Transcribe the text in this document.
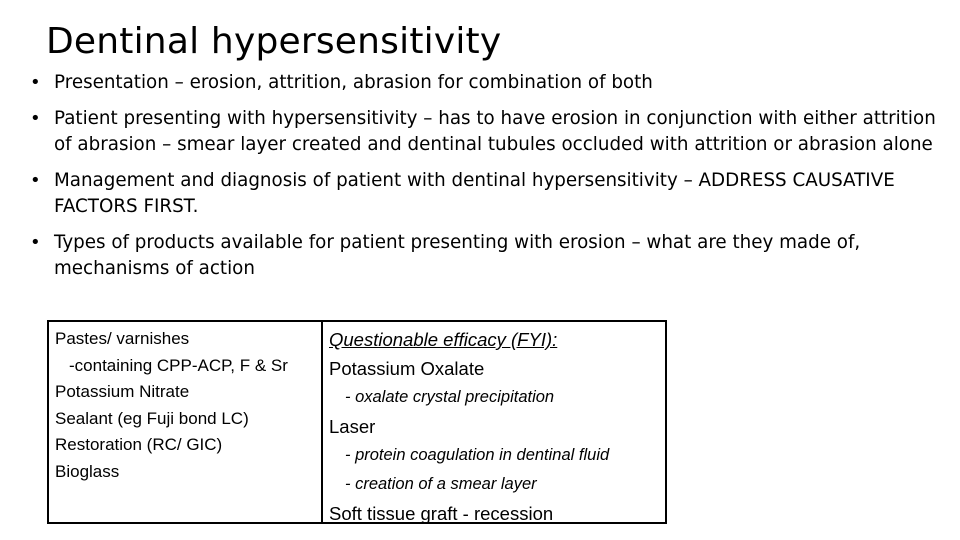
Dentinal hypersensitivity
• Presentation – erosion, attrition, abrasion for combination of both
• Patient presenting with hypersensitivity – has to have erosion in conjunction with either attrition of abrasion – smear layer created and dentinal tubules occluded with attrition or abrasion alone
• Management and diagnosis of patient with dentinal hypersensitivity – ADDRESS CAUSATIVE FACTORS FIRST.
• Types of products available for patient presenting with erosion – what are they made of, mechanisms of action
Pastes/ varnishes
-containing CPP-ACP, F & Sr
Potassium Nitrate
Sealant (eg Fuji bond LC)
Restoration (RC/ GIC)
Bioglass
Questionable efficacy (FYI):
Potassium Oxalate
- oxalate crystal precipitation
Laser
- protein coagulation in dentinal fluid
- creation of a smear layer
Soft tissue graft - recession
